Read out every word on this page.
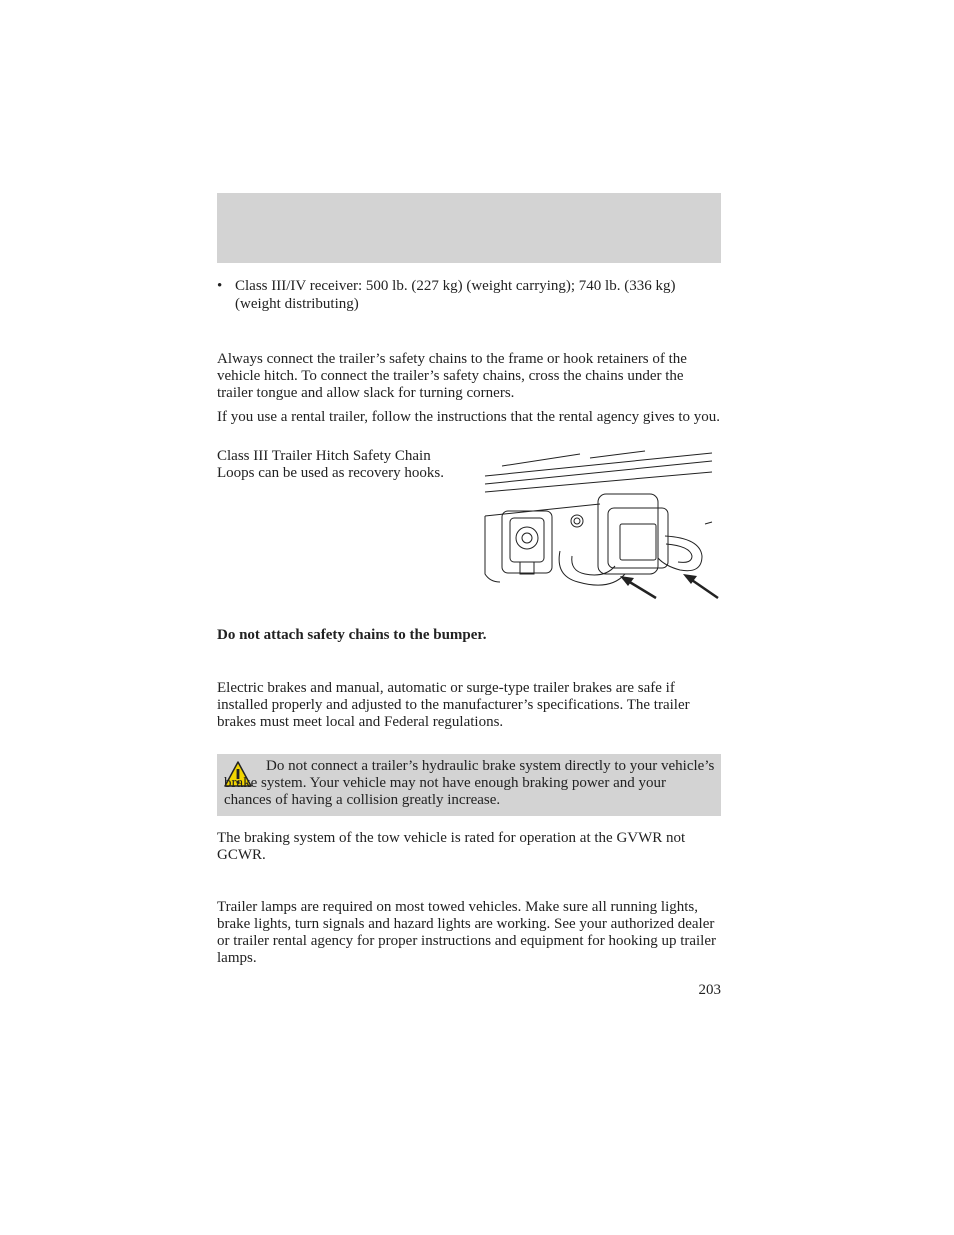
• Class III/IV receiver: 500 lb. (227 kg) (weight carrying); 740 lb. (336 kg) (weight distributing)

Always connect the trailer’s safety chains to the frame or hook retainers of the vehicle hitch. To connect the trailer’s safety chains, cross the chains under the trailer tongue and allow slack for turning corners.

If you use a rental trailer, follow the instructions that the rental agency gives to you.

Class III Trailer Hitch Safety Chain Loops can be used as recovery hooks.

Do not attach safety chains to the bumper.

Electric brakes and manual, automatic or surge-type trailer brakes are safe if installed properly and adjusted to the manufacturer’s specifications. The trailer brakes must meet local and Federal regulations.

Do not connect a trailer’s hydraulic brake system directly to your vehicle’s brake system. Your vehicle may not have enough braking power and your chances of having a collision greatly increase.

The braking system of the tow vehicle is rated for operation at the GVWR not GCWR.

Trailer lamps are required on most towed vehicles. Make sure all running lights, brake lights, turn signals and hazard lights are working. See your authorized dealer or trailer rental agency for proper instructions and equipment for hooking up trailer lamps.

203
